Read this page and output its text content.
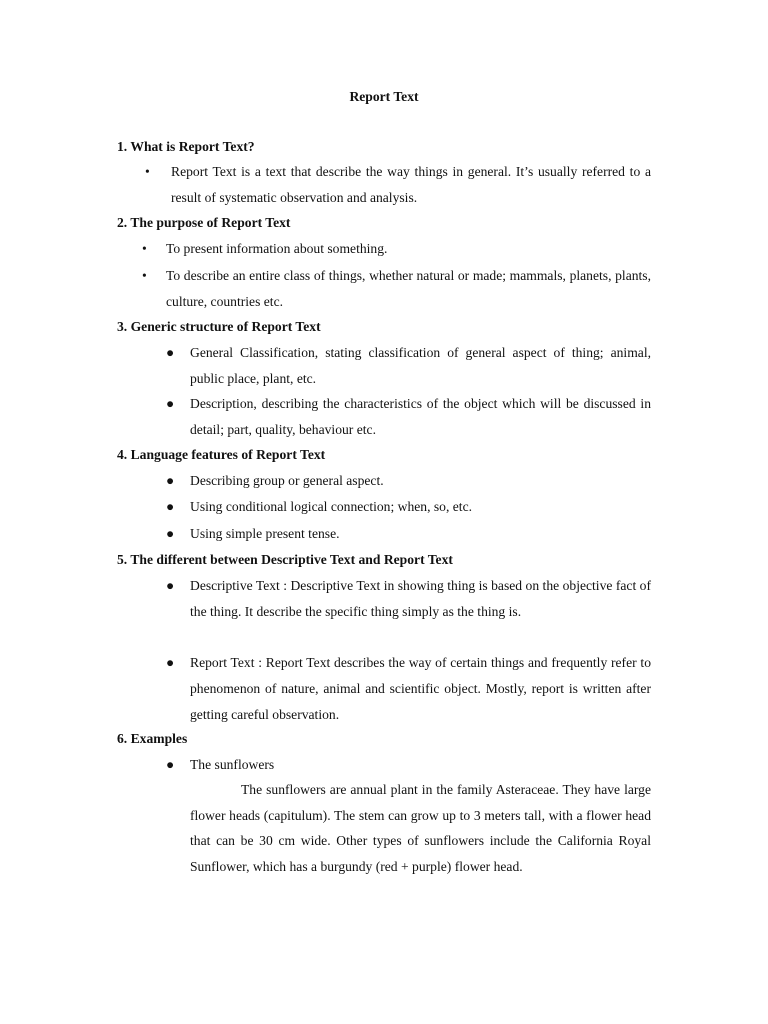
Report Text
1. What is Report Text?
• Report Text is a text that describe the way things in general. It’s usually referred to a result of systematic observation and analysis.
2. The purpose of Report Text
• To present information about something.
• To describe an entire class of things, whether natural or made; mammals, planets, plants, culture, countries etc.
3. Generic structure of Report Text
● General Classification, stating classification of general aspect of thing; animal, public place, plant, etc.
● Description, describing the characteristics of the object which will be discussed in detail; part, quality, behaviour etc.
4. Language features of Report Text
● Describing group or general aspect.
● Using conditional logical connection; when, so, etc.
● Using simple present tense.
5. The different between Descriptive Text and Report Text
● Descriptive Text : Descriptive Text in showing thing is based on the objective fact of the thing. It describe the specific thing simply as the thing is.
● Report Text : Report Text describes the way of certain things and frequently refer to phenomenon of nature, animal and scientific object. Mostly, report is written after getting careful observation.
6. Examples
● The sunflowers
The sunflowers are annual plant in the family Asteraceae. They have large flower heads (capitulum). The stem can grow up to 3 meters tall, with a flower head that can be 30 cm wide. Other types of sunflowers include the California Royal Sunflower, which has a burgundy (red + purple) flower head.
